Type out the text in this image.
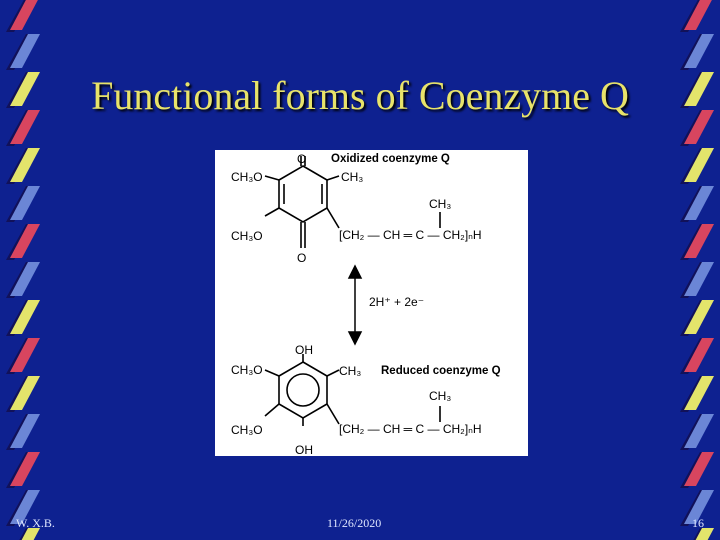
Functional forms of Coenzyme Q
O
O
Oxidized coenzyme Q
CH₃O
CH₃O
CH₃
CH₃
[CH₂ — CH ═ C — CH₂]ₙH
2H⁺ + 2e⁻
OH
OH
Reduced coenzyme Q
CH₃O
CH₃O
CH₃
CH₃
[CH₂ — CH ═ C — CH₂]ₙH
W. X.B.	11/26/2020	16
